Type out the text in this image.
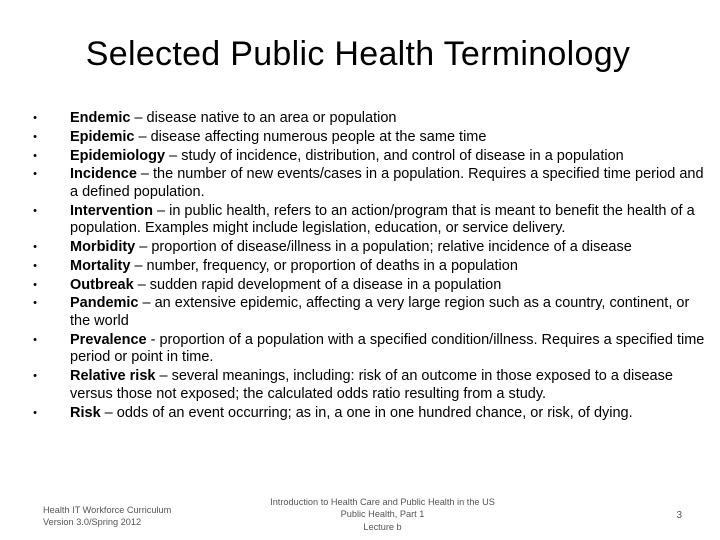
Selected Public Health Terminology
• Endemic – disease native to an area or population
• Epidemic – disease affecting numerous people at the same time
• Epidemiology – study of incidence, distribution, and control of disease in a population
• Incidence – the number of new events/cases in a population. Requires a specified time period and a defined population.
• Intervention – in public health, refers to an action/program that is meant to benefit the health of a population. Examples might include legislation, education, or service delivery.
• Morbidity – proportion of disease/illness in a population; relative incidence of a disease
• Mortality – number, frequency, or proportion of deaths in a population
• Outbreak – sudden rapid development of a disease in a population
• Pandemic – an extensive epidemic, affecting a very large region such as a country, continent, or the world
• Prevalence - proportion of a population with a specified condition/illness. Requires a specified time period or point in time.
• Relative risk – several meanings, including: risk of an outcome in those exposed to a disease versus those not exposed; the calculated odds ratio resulting from a study.
• Risk – odds of an event occurring; as in, a one in one hundred chance, or risk, of dying.
Health IT Workforce Curriculum
Version 3.0/Spring 2012
Introduction to Health Care and Public Health in the US
Public Health, Part 1
Lecture b
3
